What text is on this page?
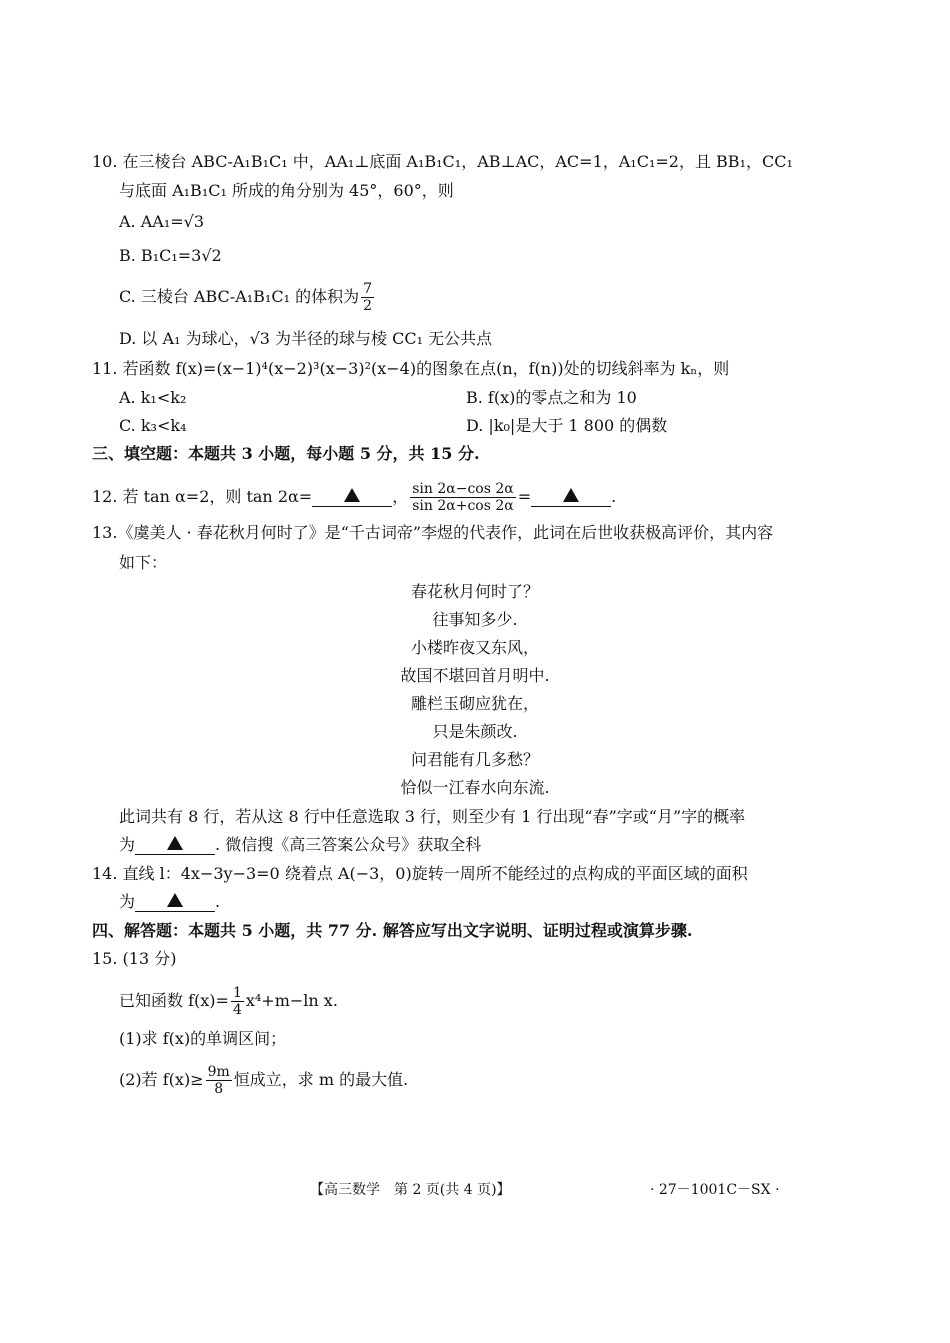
10. 在三棱台 ABC-A₁B₁C₁ 中，AA₁⊥底面 A₁B₁C₁，AB⊥AC，AC=1，A₁C₁=2，且 BB₁，CC₁
与底面 A₁B₁C₁ 所成的角分别为 45°，60°，则
A. AA₁=√3
B. B₁C₁=3√2
C. 三棱台 ABC-A₁B₁C₁ 的体积为 $\frac{7}{2}$
D. 以 A₁ 为球心，√3 为半径的球与棱 CC₁ 无公共点
11. 若函数 f(x)=(x−1)⁴(x−2)³(x−3)²(x−4)的图象在点(n，f(n))处的切线斜率为 kₙ，则
A. k₁<k₂	B. f(x)的零点之和为 10
C. k₃<k₄	D. |k₀|是大于 1 800 的偶数
三、填空题：本题共 3 小题，每小题 5 分，共 15 分.
12. 若 tan α=2，则 tan 2α=	， $\frac{\sin 2\alpha-\cos 2\alpha}{\sin 2\alpha+\cos 2\alpha}$ =	.
13.《虞美人 · 春花秋月何时了》是“千古词帝”李煜的代表作，此词在后世收获极高评价，其内容
如下：
春花秋月何时了？
往事知多少.
小楼昨夜又东风，
故国不堪回首月明中.
雕栏玉砌应犹在，
只是朱颜改.
问君能有几多愁？
恰似一江春水向东流.
此词共有 8 行，若从这 8 行中任意选取 3 行，则至少有 1 行出现“春”字或“月”字的概率
为	. 微信搜《高三答案公众号》获取全科
14. 直线 l：4x−3y−3=0 绕着点 A(−3，0)旋转一周所不能经过的点构成的平面区域的面积
为	.
四、解答题：本题共 5 小题，共 77 分. 解答应写出文字说明、证明过程或演算步骤.
15. (13 分)
已知函数 $f(x)= \frac{1}{4} x^4+m-\ln$ x.
(1)求 f(x)的单调区间；
(2)若 $f(x)\ge \frac{9m}{8}$ 恒成立，求 m 的最大值.
【高三数学　第 2 页(共 4 页)】	· 27－1001C－SX ·
